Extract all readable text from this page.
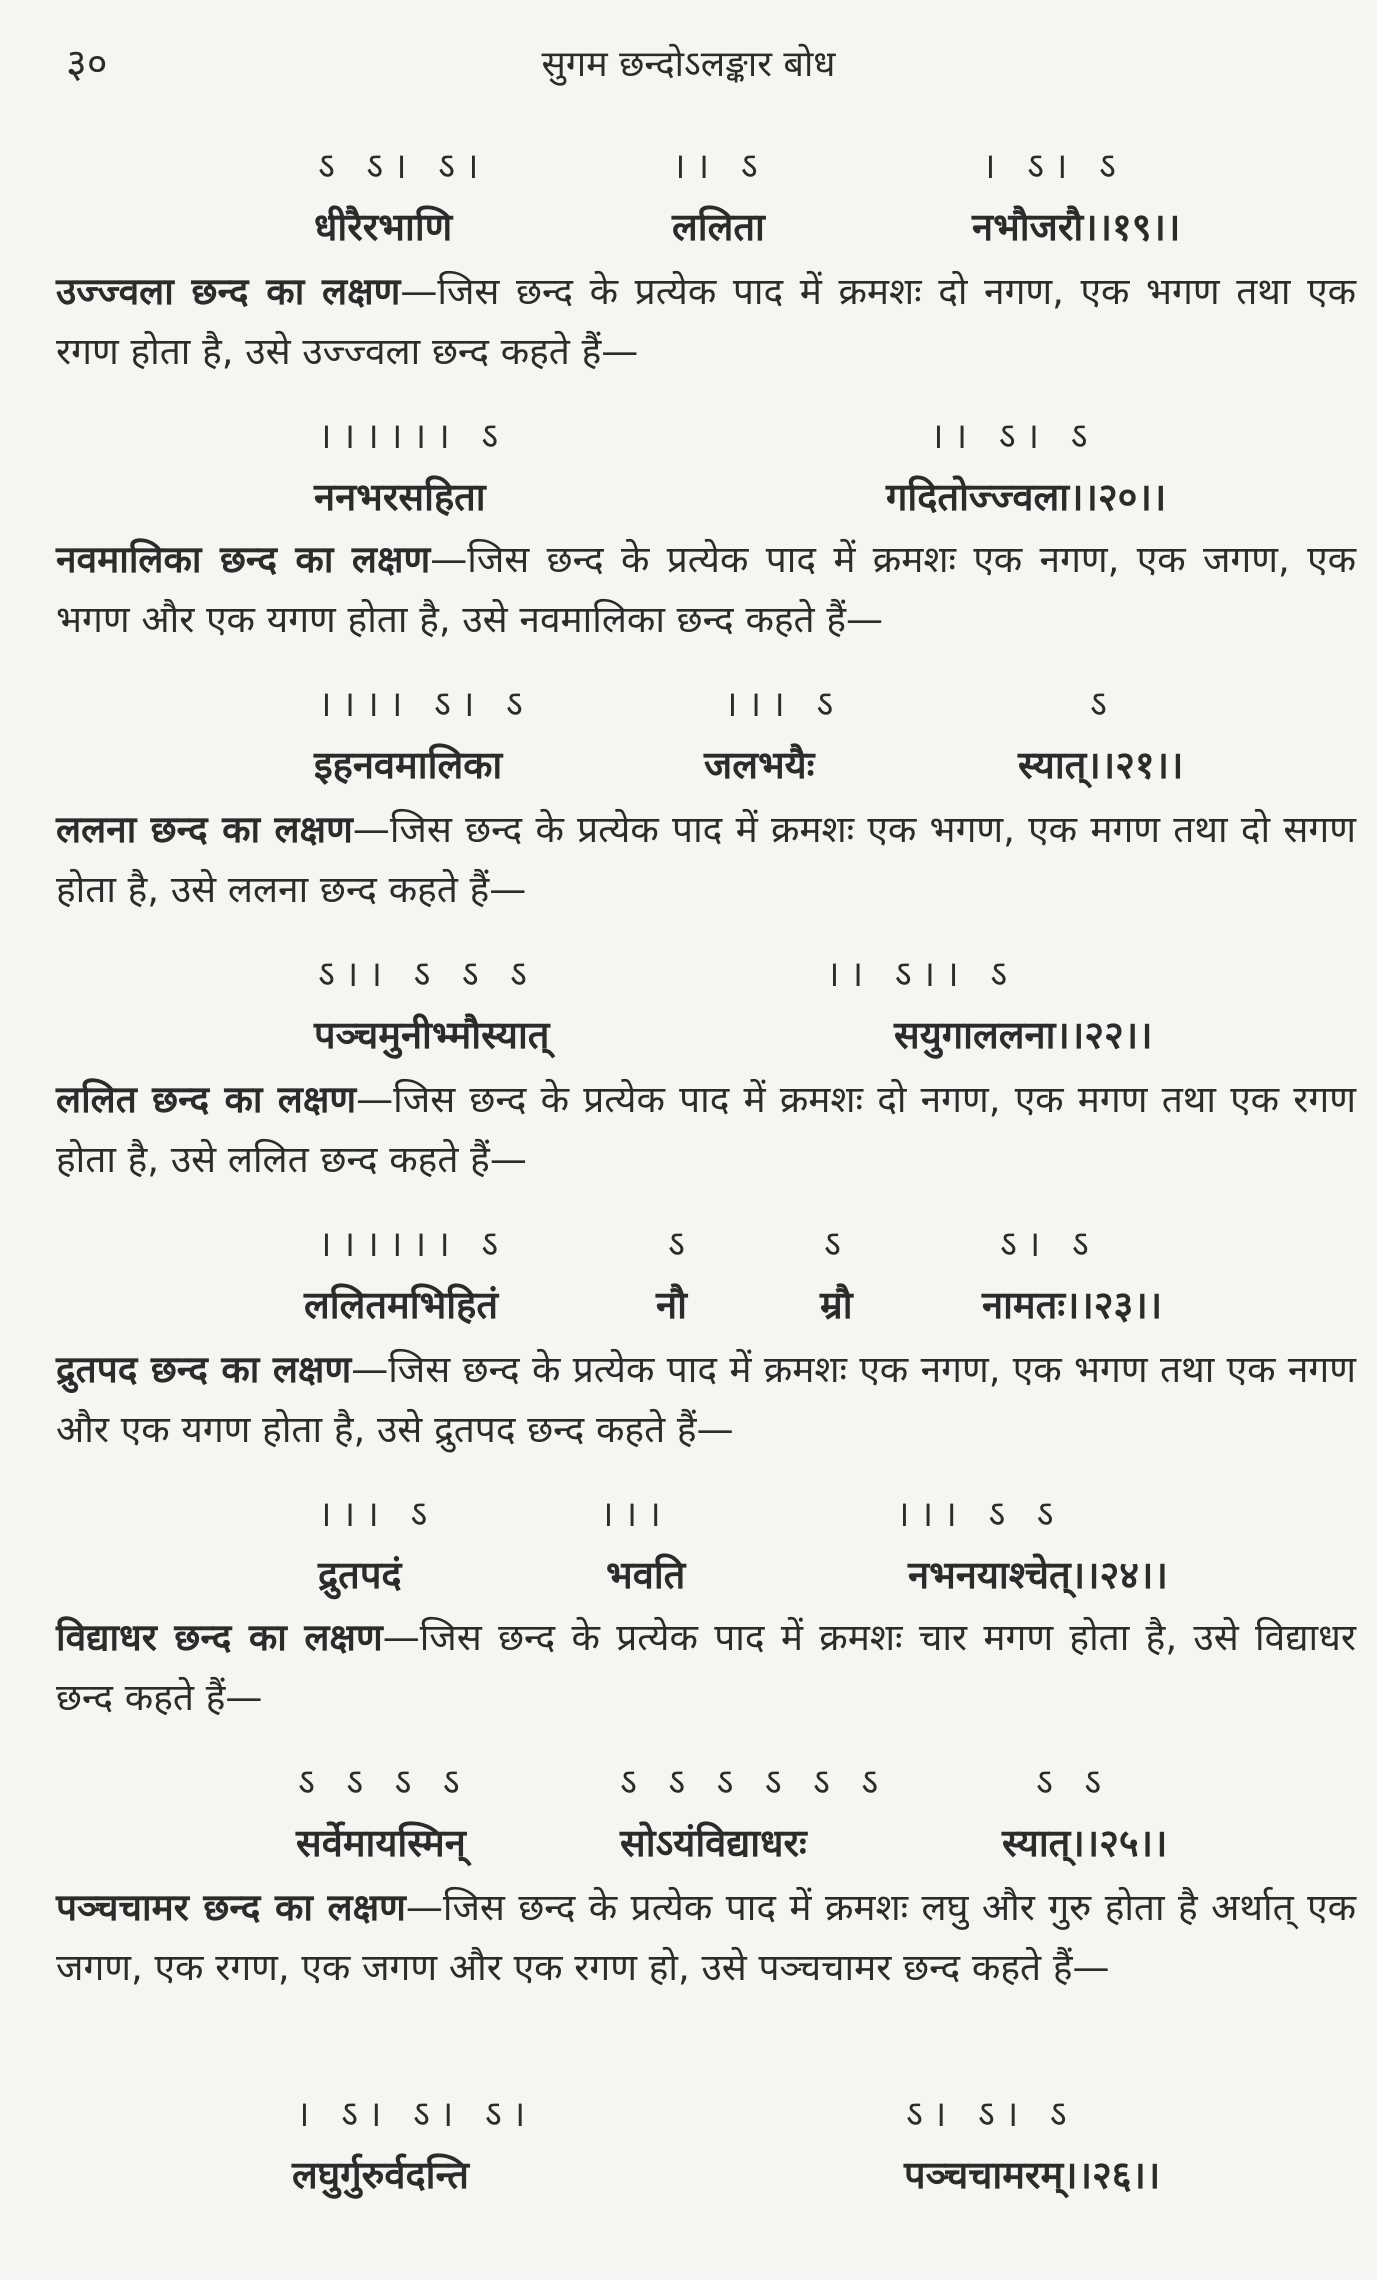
३०	सुगम छन्दोऽलङ्कार बोध
ऽ ऽ। ऽ।	।। ऽ	। ऽ। ऽ
धीरैरभाणि	ललिता	नभौजरौ।।१९।।
उज्ज्वला छन्द का लक्षण—जिस छन्द के प्रत्येक पाद में क्रमशः दो नगण, एक भगण तथा एक रगण होता है, उसे उज्ज्वला छन्द कहते हैं—
।।।।।। ऽ	।। ऽ। ऽ
ननभरसहिता	गदितोज्ज्वला।।२०।।
नवमालिका छन्द का लक्षण—जिस छन्द के प्रत्येक पाद में क्रमशः एक नगण, एक जगण, एक भगण और एक यगण होता है, उसे नवमालिका छन्द कहते हैं—
।।।। ऽ। ऽ	।।। ऽ	ऽ
इहनवमालिका	जलभयैः	स्यात्।।२१।।
ललना छन्द का लक्षण—जिस छन्द के प्रत्येक पाद में क्रमशः एक भगण, एक मगण तथा दो सगण होता है, उसे ललना छन्द कहते हैं—
ऽ।। ऽ ऽ ऽ	।। ऽ।। ऽ
पञ्चमुनीभ्मौस्यात्	सयुगाललना।।२२।।
ललित छन्द का लक्षण—जिस छन्द के प्रत्येक पाद में क्रमशः दो नगण, एक मगण तथा एक रगण होता है, उसे ललित छन्द कहते हैं—
।।।।।। ऽ	ऽ	ऽ	ऽ। ऽ
ललितमभिहितं	नौ	म्रौ	नामतः।।२३।।
द्रुतपद छन्द का लक्षण—जिस छन्द के प्रत्येक पाद में क्रमशः एक नगण, एक भगण तथा एक नगण और एक यगण होता है, उसे द्रुतपद छन्द कहते हैं—
।।। ऽ	।।।	।।। ऽ ऽ
द्रुतपदं	भवति	नभनयाश्चेत्।।२४।।
विद्याधर छन्द का लक्षण—जिस छन्द के प्रत्येक पाद में क्रमशः चार मगण होता है, उसे विद्याधर छन्द कहते हैं—
ऽ ऽ ऽ ऽ	ऽ ऽ ऽ ऽ ऽ ऽ	ऽ ऽ
सर्वेमायस्मिन्	सोऽयंविद्याधरः	स्यात्।।२५।।
पञ्चचामर छन्द का लक्षण—जिस छन्द के प्रत्येक पाद में क्रमशः लघु और गुरु होता है अर्थात् एक जगण, एक रगण, एक जगण और एक रगण हो, उसे पञ्चचामर छन्द कहते हैं—
। ऽ। ऽ। ऽ।	ऽ। ऽ। ऽ
लघुर्गुरुर्वदन्ति	पञ्चचामरम्।।२६।।
